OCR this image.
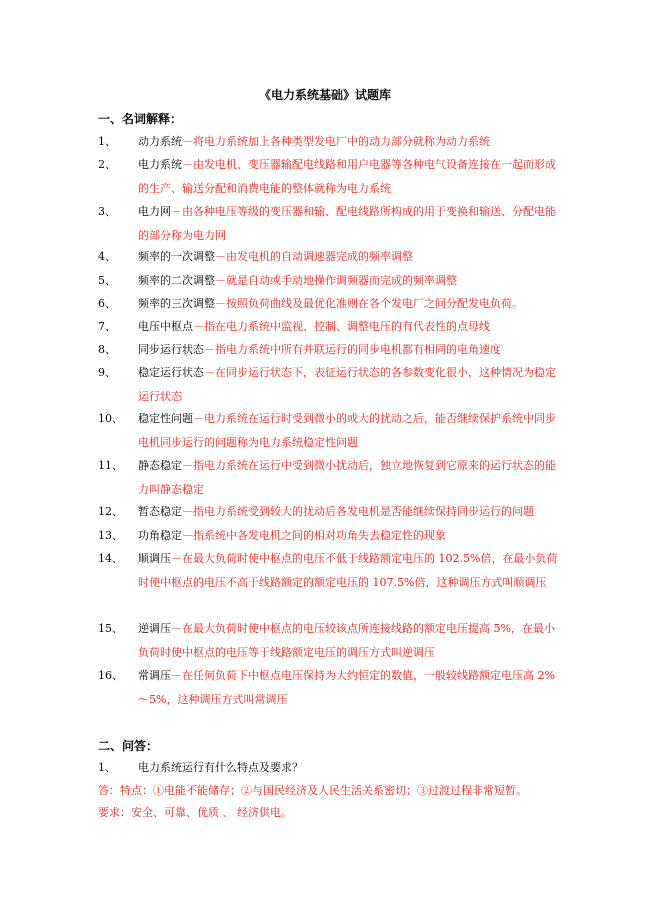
《电力系统基础》试题库
一、名词解释：
1、	动力系统－将电力系统加上各种类型发电厂中的动力部分就称为动力系统
2、	电力系统－由发电机、变压器输配电线路和用户电器等各种电气设备连接在一起而形成的生产、输送分配和消费电能的整体就称为电力系统
3、	电力网－由各种电压等级的变压器和输、配电线路所构成的用于变换和输送、分配电能的部分称为电力网
4、	频率的一次调整－由发电机的自动调速器完成的频率调整
5、	频率的二次调整－就是自动或手动地操作调频器而完成的频率调整
6、	频率的三次调整－按照负荷曲线及最优化准则在各个发电厂之间分配发电负荷。
7、	电压中枢点－指在电力系统中监视、控制、调整电压的有代表性的点母线
8、	同步运行状态－指电力系统中所有并联运行的同步电机都有相同的电角速度
9、	稳定运行状态－在同步运行状态下，表征运行状态的各参数变化很小，这种情况为稳定运行状态
10、	稳定性问题－电力系统在运行时受到微小的或大的扰动之后，能否继续保护系统中同步电机同步运行的问题称为电力系统稳定性问题
11、	静态稳定－指电力系统在运行中受到微小扰动后，独立地恢复到它原来的运行状态的能力叫静态稳定
12、	暂态稳定－指电力系统受到较大的扰动后各发电机是否能继续保持同步运行的问题
13、	功角稳定－指系统中各发电机之间的相对功角失去稳定性的现象
14、	顺调压－在最大负荷时使中枢点的电压不低于线路额定电压的 102.5%倍，在最小负荷时使中枢点的电压不高于线路额定的额定电压的 107.5%倍，这种调压方式叫顺调压
15、	逆调压－在最大负荷时使中枢点的电压较该点所连接线路的额定电压提高 5%，在最小负荷时使中枢点的电压等于线路额定电压的调压方式叫逆调压
16、	常调压－在任何负荷下中枢点电压保持为大约恒定的数值，一般较线路额定电压高 2%～5%，这种调压方式叫常调压
二、问答：
1、	电力系统运行有什么特点及要求？
答：特点：①电能不能储存；②与国民经济及人民生活关系密切；③过渡过程非常短暂。
要求：安全、可靠、优质 、 经济供电。
